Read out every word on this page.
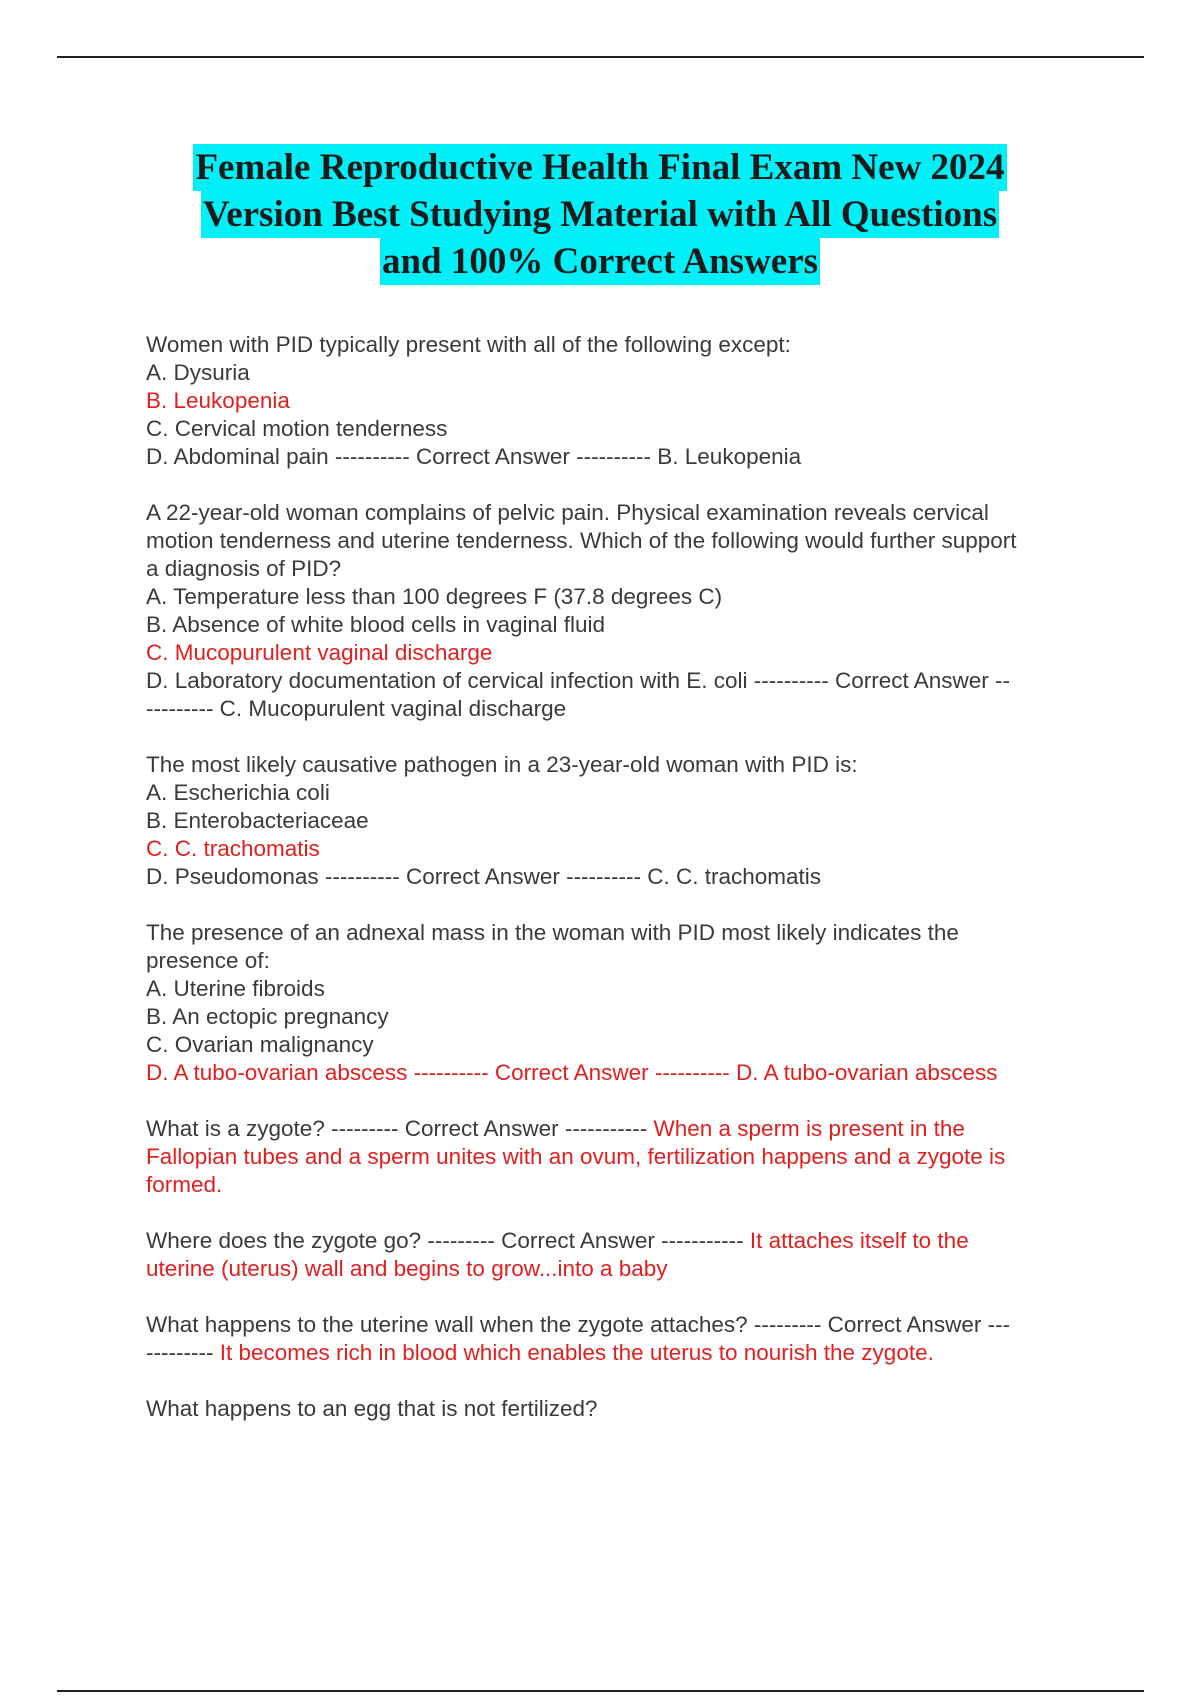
Female Reproductive Health Final Exam New 2024
Version Best Studying Material with All Questions
and 100% Correct Answers
Women with PID typically present with all of the following except:
A. Dysuria
B. Leukopenia
C. Cervical motion tenderness
D. Abdominal pain ---------- Correct Answer ---------- B. Leukopenia
A 22-year-old woman complains of pelvic pain. Physical examination reveals cervical
motion tenderness and uterine tenderness. Which of the following would further support
a diagnosis of PID?
A. Temperature less than 100 degrees F (37.8 degrees C)
B. Absence of white blood cells in vaginal fluid
C. Mucopurulent vaginal discharge
D. Laboratory documentation of cervical infection with E. coli ---------- Correct Answer --
--------- C. Mucopurulent vaginal discharge
The most likely causative pathogen in a 23-year-old woman with PID is:
A. Escherichia coli
B. Enterobacteriaceae
C. C. trachomatis
D. Pseudomonas ---------- Correct Answer ---------- C. C. trachomatis
The presence of an adnexal mass in the woman with PID most likely indicates the
presence of:
A. Uterine fibroids
B. An ectopic pregnancy
C. Ovarian malignancy
D. A tubo-ovarian abscess ---------- Correct Answer ---------- D. A tubo-ovarian abscess
What is a zygote? --------- Correct Answer ----------- When a sperm is present in the
Fallopian tubes and a sperm unites with an ovum, fertilization happens and a zygote is
formed.
Where does the zygote go? --------- Correct Answer ----------- It attaches itself to the
uterine (uterus) wall and begins to grow...into a baby
What happens to the uterine wall when the zygote attaches? --------- Correct Answer ---
--------- It becomes rich in blood which enables the uterus to nourish the zygote.
What happens to an egg that is not fertilized?
